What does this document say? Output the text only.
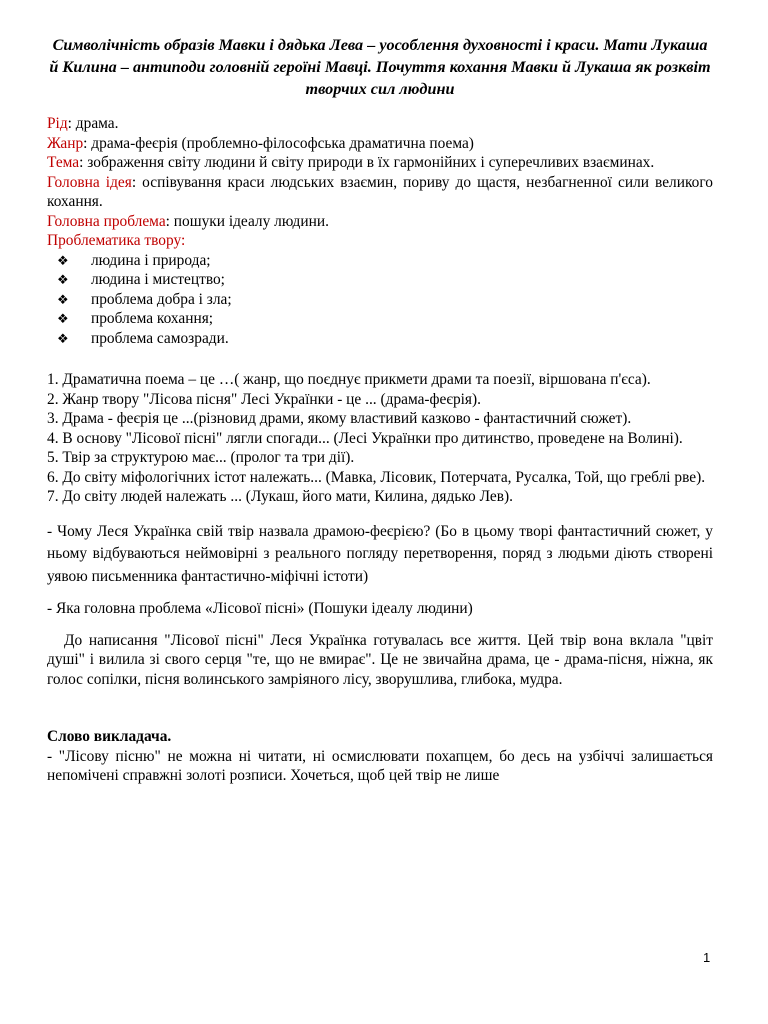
Символічність образів Мавки і дядька Лева – уособлення духовності і краси. Мати Лукаша й Килина – антиподи головній героїні Мавці. Почуття кохання Мавки й Лукаша як розквіт творчих сил людини
Рід: драма.
Жанр: драма-феєрія (проблемно-філософська драматична поема)
Тема: зображення світу людини й світу природи в їх гармонійних і суперечливих взаєминах.
Головна ідея: оспівування краси людських взаємин, пориву до щастя, незбагненної сили великого кохання.
Головна проблема: пошуки ідеалу людини.
Проблематика твору:
❖	людина і природа;
❖	людина і мистецтво;
❖	проблема добра і зла;
❖	проблема кохання;
❖	проблема самозради.
1. Драматична поема – це …( жанр, що поєднує прикмети драми та поезії, віршована п'єса).
2. Жанр твору "Лісова пісня" Лесі Українки - це ... (драма-феєрія).
3. Драма - феєрія це ...(різновид драми, якому властивий казково - фантастичний сюжет).
4. В основу "Лісової пісні" лягли спогади... (Лесі Українки про дитинство, проведене на Волині).
5. Твір за структурою має... (пролог та три дії).
6. До світу міфологічних істот належать... (Мавка, Лісовик, Потерчата, Русалка, Той, що греблі рве).
7. До світу людей належать ... (Лукаш, його мати, Килина, дядько Лев).
- Чому Леся Українка свій твір назвала драмою-феєрією? (Бо в цьому творі фантастичний сюжет, у ньому відбуваються неймовірні з реального погляду перетворення, поряд з людьми діють створені уявою письменника фантастично-міфічні істоти)
- Яка головна проблема «Лісової пісні» (Пошуки ідеалу людини)
До написання "Лісової пісні" Леся Українка готувалась все життя. Цей твір вона вклала "цвіт душі" і вилила зі свого серця "те, що не вмирає". Це не звичайна драма, це - драма-пісня, ніжна, як голос сопілки, пісня волинського замріяного лісу, зворушлива, глибока, мудра.
Слово викладача.
- "Лісову пісню" не можна ні читати, ні осмислювати похапцем, бо десь на узбіччі залишається непомічені справжні золоті розписи. Хочеться, щоб цей твір не лише
1
